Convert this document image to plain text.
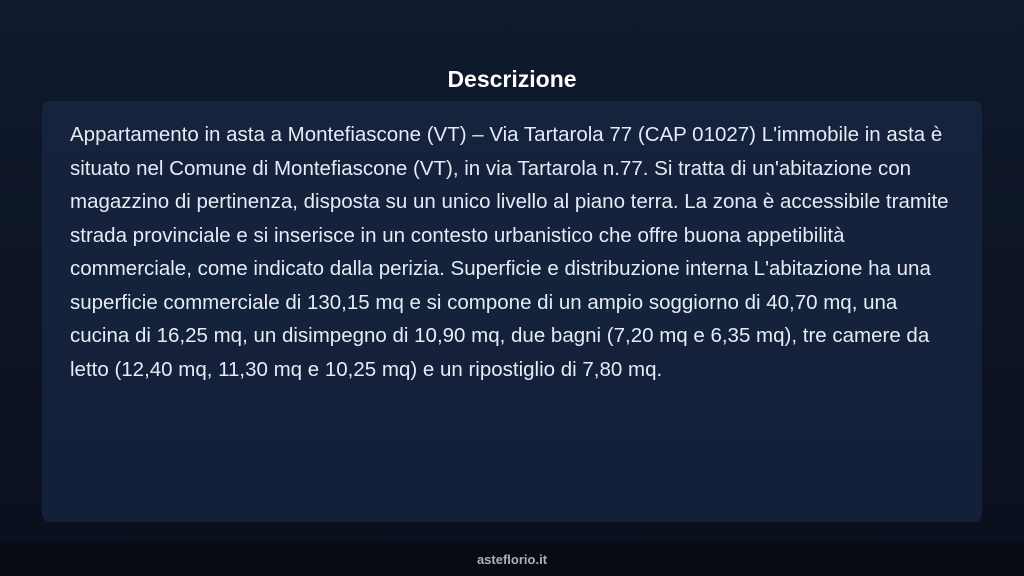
Descrizione

Appartamento in asta a Montefiascone (VT) – Via Tartarola 77 (CAP 01027) L'immobile in asta è situato nel Comune di Montefiascone (VT), in via Tartarola n.77. Si tratta di un'abitazione con magazzino di pertinenza, disposta su un unico livello al piano terra. La zona è accessibile tramite strada provinciale e si inserisce in un contesto urbanistico che offre buona appetibilità commerciale, come indicato dalla perizia. Superficie e distribuzione interna L'abitazione ha una superficie commerciale di 130,15 mq e si compone di un ampio soggiorno di 40,70 mq, una cucina di 16,25 mq, un disimpegno di 10,90 mq, due bagni (7,20 mq e 6,35 mq), tre camere da letto (12,40 mq, 11,30 mq e 10,25 mq) e un ripostiglio di 7,80 mq.

asteflorio.it
